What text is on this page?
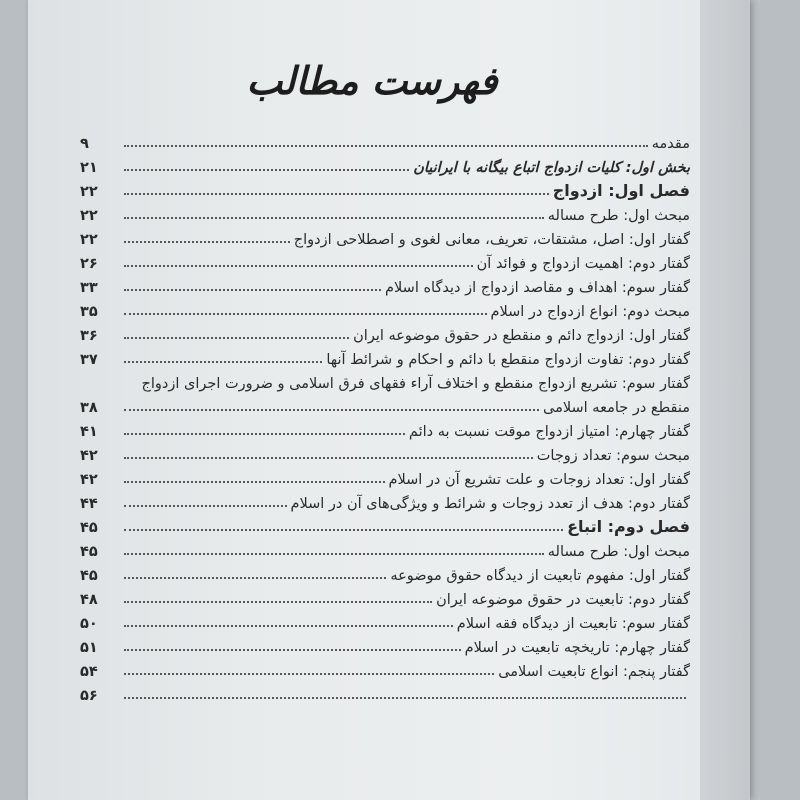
فهرست مطالب
مقدمه
۹
بخش اول: کلیات ازدواج اتباع بیگانه با ایرانیان
۲۱
فصل اول: ازدواج
۲۲
مبحث اول: طرح مساله
۲۲
گفتار اول: اصل، مشتقات، تعریف، معانی لغوی و اصطلاحی ازدواج
۲۲
گفتار دوم: اهمیت ازدواج و فوائد آن
۲۶
گفتار سوم: اهداف و مقاصد ازدواج از دیدگاه اسلام
۳۳
مبحث دوم: انواع ازدواج در اسلام
۳۵
گفتار اول: ازدواج دائم و منقطع در حقوق موضوعه ایران
۳۶
گفتار دوم: تفاوت ازدواج منقطع با دائم و احکام و شرائط آنها
۳۷
گفتار سوم: تشریع ازدواج منقطع و اختلاف آراء فقهای فرق اسلامی و ضرورت اجرای ازدواج
منقطع در جامعه اسلامی
۳۸
گفتار چهارم: امتیاز ازدواج موقت نسبت به دائم
۴۱
مبحث سوم: تعداد زوجات
۴۲
گفتار اول: تعداد زوجات و علت تشریع آن در اسلام
۴۲
گفتار دوم: هدف از تعدد زوجات و شرائط و ویژگی‌های آن در اسلام
۴۴
فصل دوم: اتباع
۴۵
مبحث اول: طرح مساله
۴۵
گفتار اول: مفهوم تابعیت از دیدگاه حقوق موضوعه
۴۵
گفتار دوم: تابعیت در حقوق موضوعه ایران
۴۸
گفتار سوم: تابعیت از دیدگاه فقه اسلام
۵۰
گفتار چهارم: تاریخچه تابعیت در اسلام
۵۱
گفتار پنجم: انواع تابعیت اسلامی
۵۴
۵۶
